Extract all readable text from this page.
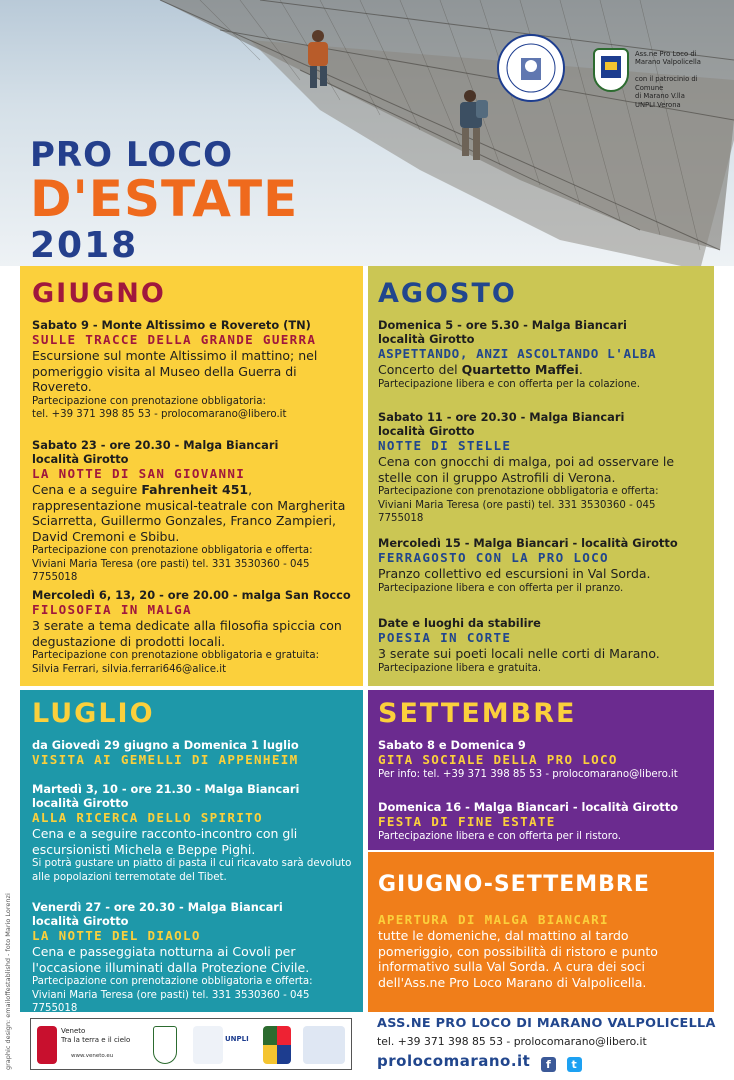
PRO LOCO
D'ESTATE
2018
Ass.ne Pro Loco di
Marano Valpolicella

con il patrocinio di
Comune
di Marano V.lla
UNPLI Verona
GIUGNO
Sabato 9 - Monte Altissimo e Rovereto (TN)
SULLE TRACCE DELLA GRANDE GUERRA
Escursione sul monte Altissimo il mattino; nel pomeriggio visita al Museo della Guerra di Rovereto.
Partecipazione con prenotazione obbligatoria:
tel. +39 371 398 85 53 - prolocomarano@libero.it
Sabato 23 - ore 20.30 - Malga Biancari
località Girotto
LA NOTTE DI SAN GIOVANNI
Cena e a seguire Fahrenheit 451, rappresentazione musical-teatrale con Margherita Sciarretta, Guillermo Gonzales, Franco Zampieri, David Cremoni e Sbibu.
Partecipazione con prenotazione obbligatoria e offerta:
Viviani Maria Teresa (ore pasti) tel. 331 3530360 - 045 7755018
Mercoledì 6, 13, 20 - ore 20.00 - malga San Rocco
FILOSOFIA IN MALGA
3 serate a tema dedicate alla filosofia spiccia con degustazione di prodotti locali.
Partecipazione con prenotazione obbligatoria e gratuita:
Silvia Ferrari, silvia.ferrari646@alice.it
AGOSTO
Domenica 5 - ore 5.30 - Malga Biancari
località Girotto
ASPETTANDO, ANZI ASCOLTANDO L'ALBA
Concerto del Quartetto Maffei.
Partecipazione libera e con offerta per la colazione.
Sabato 11 - ore 20.30 - Malga Biancari
località Girotto
NOTTE DI STELLE
Cena con gnocchi di malga, poi ad osservare le stelle con il gruppo Astrofili di Verona.
Partecipazione con prenotazione obbligatoria e offerta:
Viviani Maria Teresa (ore pasti) tel. 331 3530360 - 045 7755018
Mercoledì 15 - Malga Biancari - località Girotto
FERRAGOSTO CON LA PRO LOCO
Pranzo collettivo ed escursioni in Val Sorda.
Partecipazione libera e con offerta per il pranzo.
Date e luoghi da stabilire
POESIA IN CORTE
3 serate sui poeti locali nelle corti di Marano.
Partecipazione libera e gratuita.
LUGLIO
da Giovedì 29 giugno a Domenica 1 luglio
VISITA AI GEMELLI DI APPENHEIM
Martedì 3, 10 - ore 21.30 - Malga Biancari
località Girotto
ALLA RICERCA DELLO SPIRITO
Cena e a seguire racconto-incontro con gli escursionisti Michela e Beppe Pighi.
Si potrà gustare un piatto di pasta il cui ricavato sarà devoluto alle popolazioni terremotate del Tibet.
Venerdì 27 - ore 20.30 - Malga Biancari
località Girotto
LA NOTTE DEL DIAOLO
Cena e passeggiata notturna ai Covoli per l'occasione illuminati dalla Protezione Civile.
Partecipazione con prenotazione obbligatoria e offerta:
Viviani Maria Teresa (ore pasti) tel. 331 3530360 - 045 7755018
SETTEMBRE
Sabato 8 e Domenica 9
GITA SOCIALE DELLA PRO LOCO
Per info: tel. +39 371 398 85 53 - prolocomarano@libero.it
Domenica 16 - Malga Biancari - località Girotto
FESTA DI FINE ESTATE
Partecipazione libera e con offerta per il ristoro.
GIUGNO-SETTEMBRE
APERTURA DI MALGA BIANCARI
tutte le domeniche, dal mattino al tardo pomeriggio, con possibilità di ristoro e punto informativo sulla Val Sorda. A cura dei soci dell'Ass.ne Pro Loco Marano di Valpolicella.
graphic design: emailoffestablishd - foto Mario Lorenzi	Veneto
Tra la terra e il cielo
www.veneto.eu
UNPLI
ASS.NE PRO LOCO DI MARANO VALPOLICELLA
tel. +39 371 398 85 53 - prolocomarano@libero.it
prolocomarano.it f t
